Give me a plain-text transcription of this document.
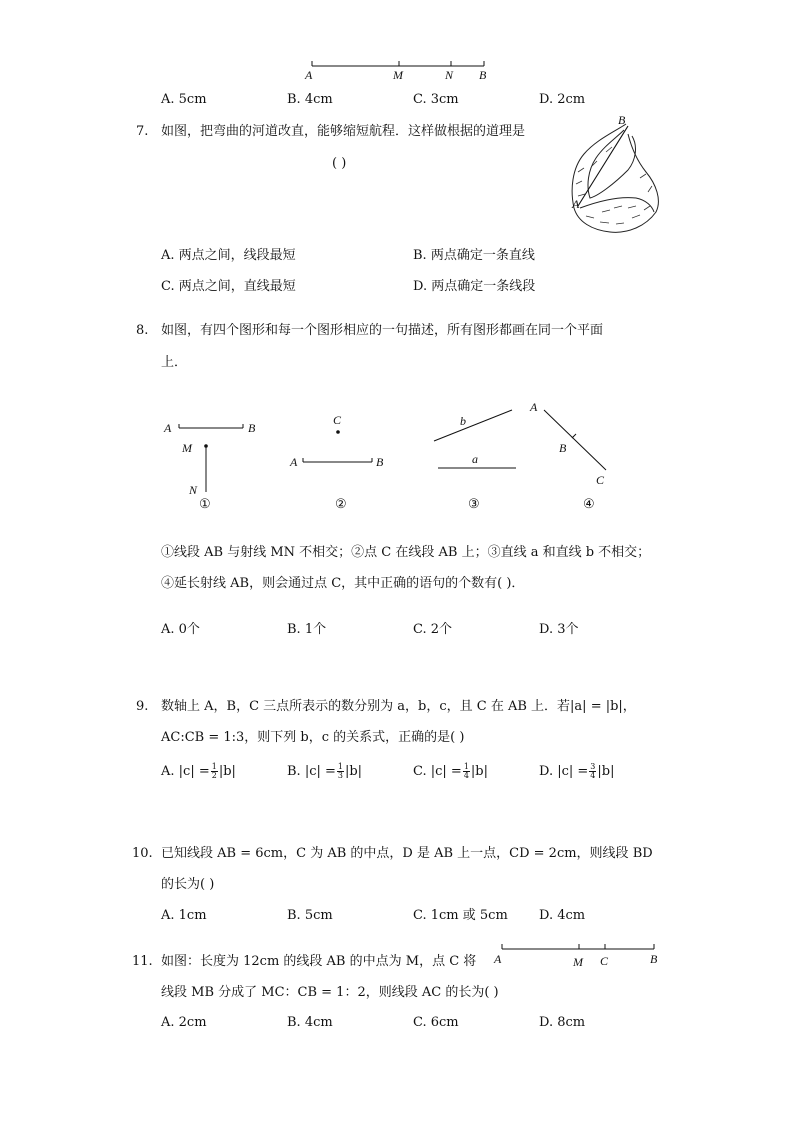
A	M	N B
A. 5cm	B. 4cm	C. 3cm	D. 2cm
7. 如图，把弯曲的河道改直，能够缩短航程．这样做根据的道理是
( )
B
A
A. 两点之间，线段最短	B. 两点确定一条直线
C. 两点之间，直线最短	D. 两点确定一条线段
8. 如图，有四个图形和每一个图形相应的一句描述，所有图形都画在同一个平面
上．
A	B
M
N
①
C
A	B
②
b
a
③
A
B
C
④
①线段 AB 与射线 MN 不相交；②点 C 在线段 AB 上；③直线 a 和直线 b 不相交；
④延长射线 AB，则会通过点 C，其中正确的语句的个数有( )．
A. 0个	B. 1个	C. 2个	D. 3个
9. 数轴上 A，B，C 三点所表示的数分别为 a，b，c，且 C 在 AB 上．若|a| = |b|，
AC:CB = 1:3，则下列 b，c 的关系式，正确的是( )
A. $|c| = \frac{1}{2} |b|$	B. $|c| = \frac{1}{3} |b|$	C. $|c| = \frac{1}{4} |b|$	D. $|c| = \frac{3}{4} |b|$
10. 已知线段 AB = 6cm，C 为 AB 的中点，D 是 AB 上一点，CD = 2cm，则线段 BD
的长为( )
A. 1cm	B. 5cm	C. 1cm 或 5cm D. 4cm
11. 如图：长度为 12cm 的线段 AB 的中点为 M，点 C 将
线段 MB 分成了 MC：CB = 1：2，则线段 AC 的长为( )
A	M C	B
A. 2cm	B. 4cm	C. 6cm	D. 8cm
